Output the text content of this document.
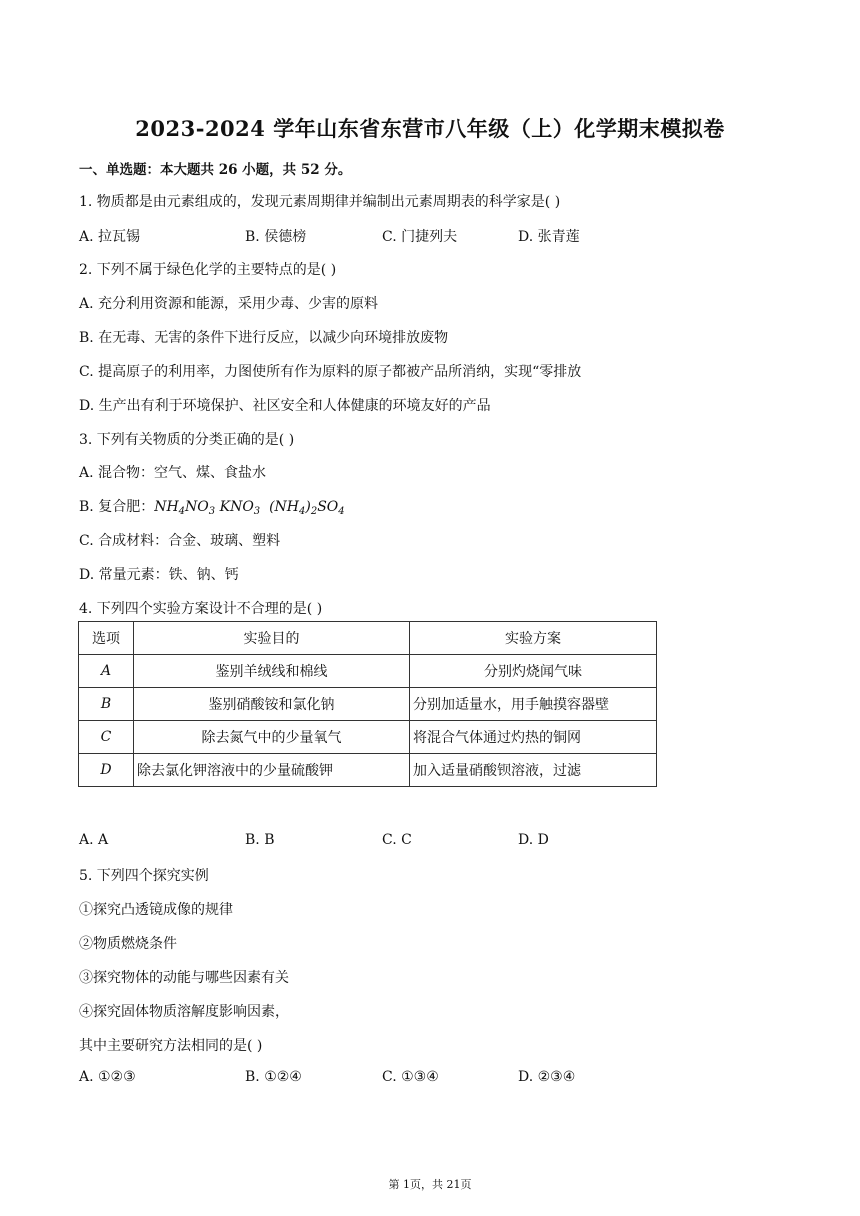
2023-2024 学年山东省东营市八年级（上）化学期末模拟卷
一、单选题：本大题共 26 小题，共 52 分。
1. 物质都是由元素组成的，发现元素周期律并编制出元素周期表的科学家是( )
A. 拉瓦锡	B. 侯德榜	C. 门捷列夫	D. 张青莲
2. 下列不属于绿色化学的主要特点的是( )
A. 充分利用资源和能源，采用少毒、少害的原料
B. 在无毒、无害的条件下进行反应，以减少向环境排放废物
C. 提高原子的利用率，力图使所有作为原料的原子都被产品所消纳，实现“零排放
D. 生产出有利于环境保护、社区安全和人体健康的环境友好的产品
3. 下列有关物质的分类正确的是( )
A. 混合物：空气、煤、食盐水
B. 复合肥：$NH_4NO_3$ $KNO_3$  $(NH_4)_2SO_4$
C. 合成材料：合金、玻璃、塑料
D. 常量元素：铁、钠、钙
4. 下列四个实验方案设计不合理的是( )
选项	实验目的	实验方案
A	鉴别羊绒线和棉线	分别灼烧闻气味
B	鉴别硝酸铵和氯化钠	分别加适量水，用手触摸容器壁
C	除去氮气中的少量氧气	将混合气体通过灼热的铜网
D	除去氯化钾溶液中的少量硫酸钾	加入适量硝酸钡溶液，过滤
A. A	B. B	C. C	D. D
5. 下列四个探究实例
①探究凸透镜成像的规律
②物质燃烧条件
③探究物体的动能与哪些因素有关
④探究固体物质溶解度影响因素，
其中主要研究方法相同的是( )
A. ①②③	B. ①②④	C. ①③④	D. ②③④
第 1页，共 21页
